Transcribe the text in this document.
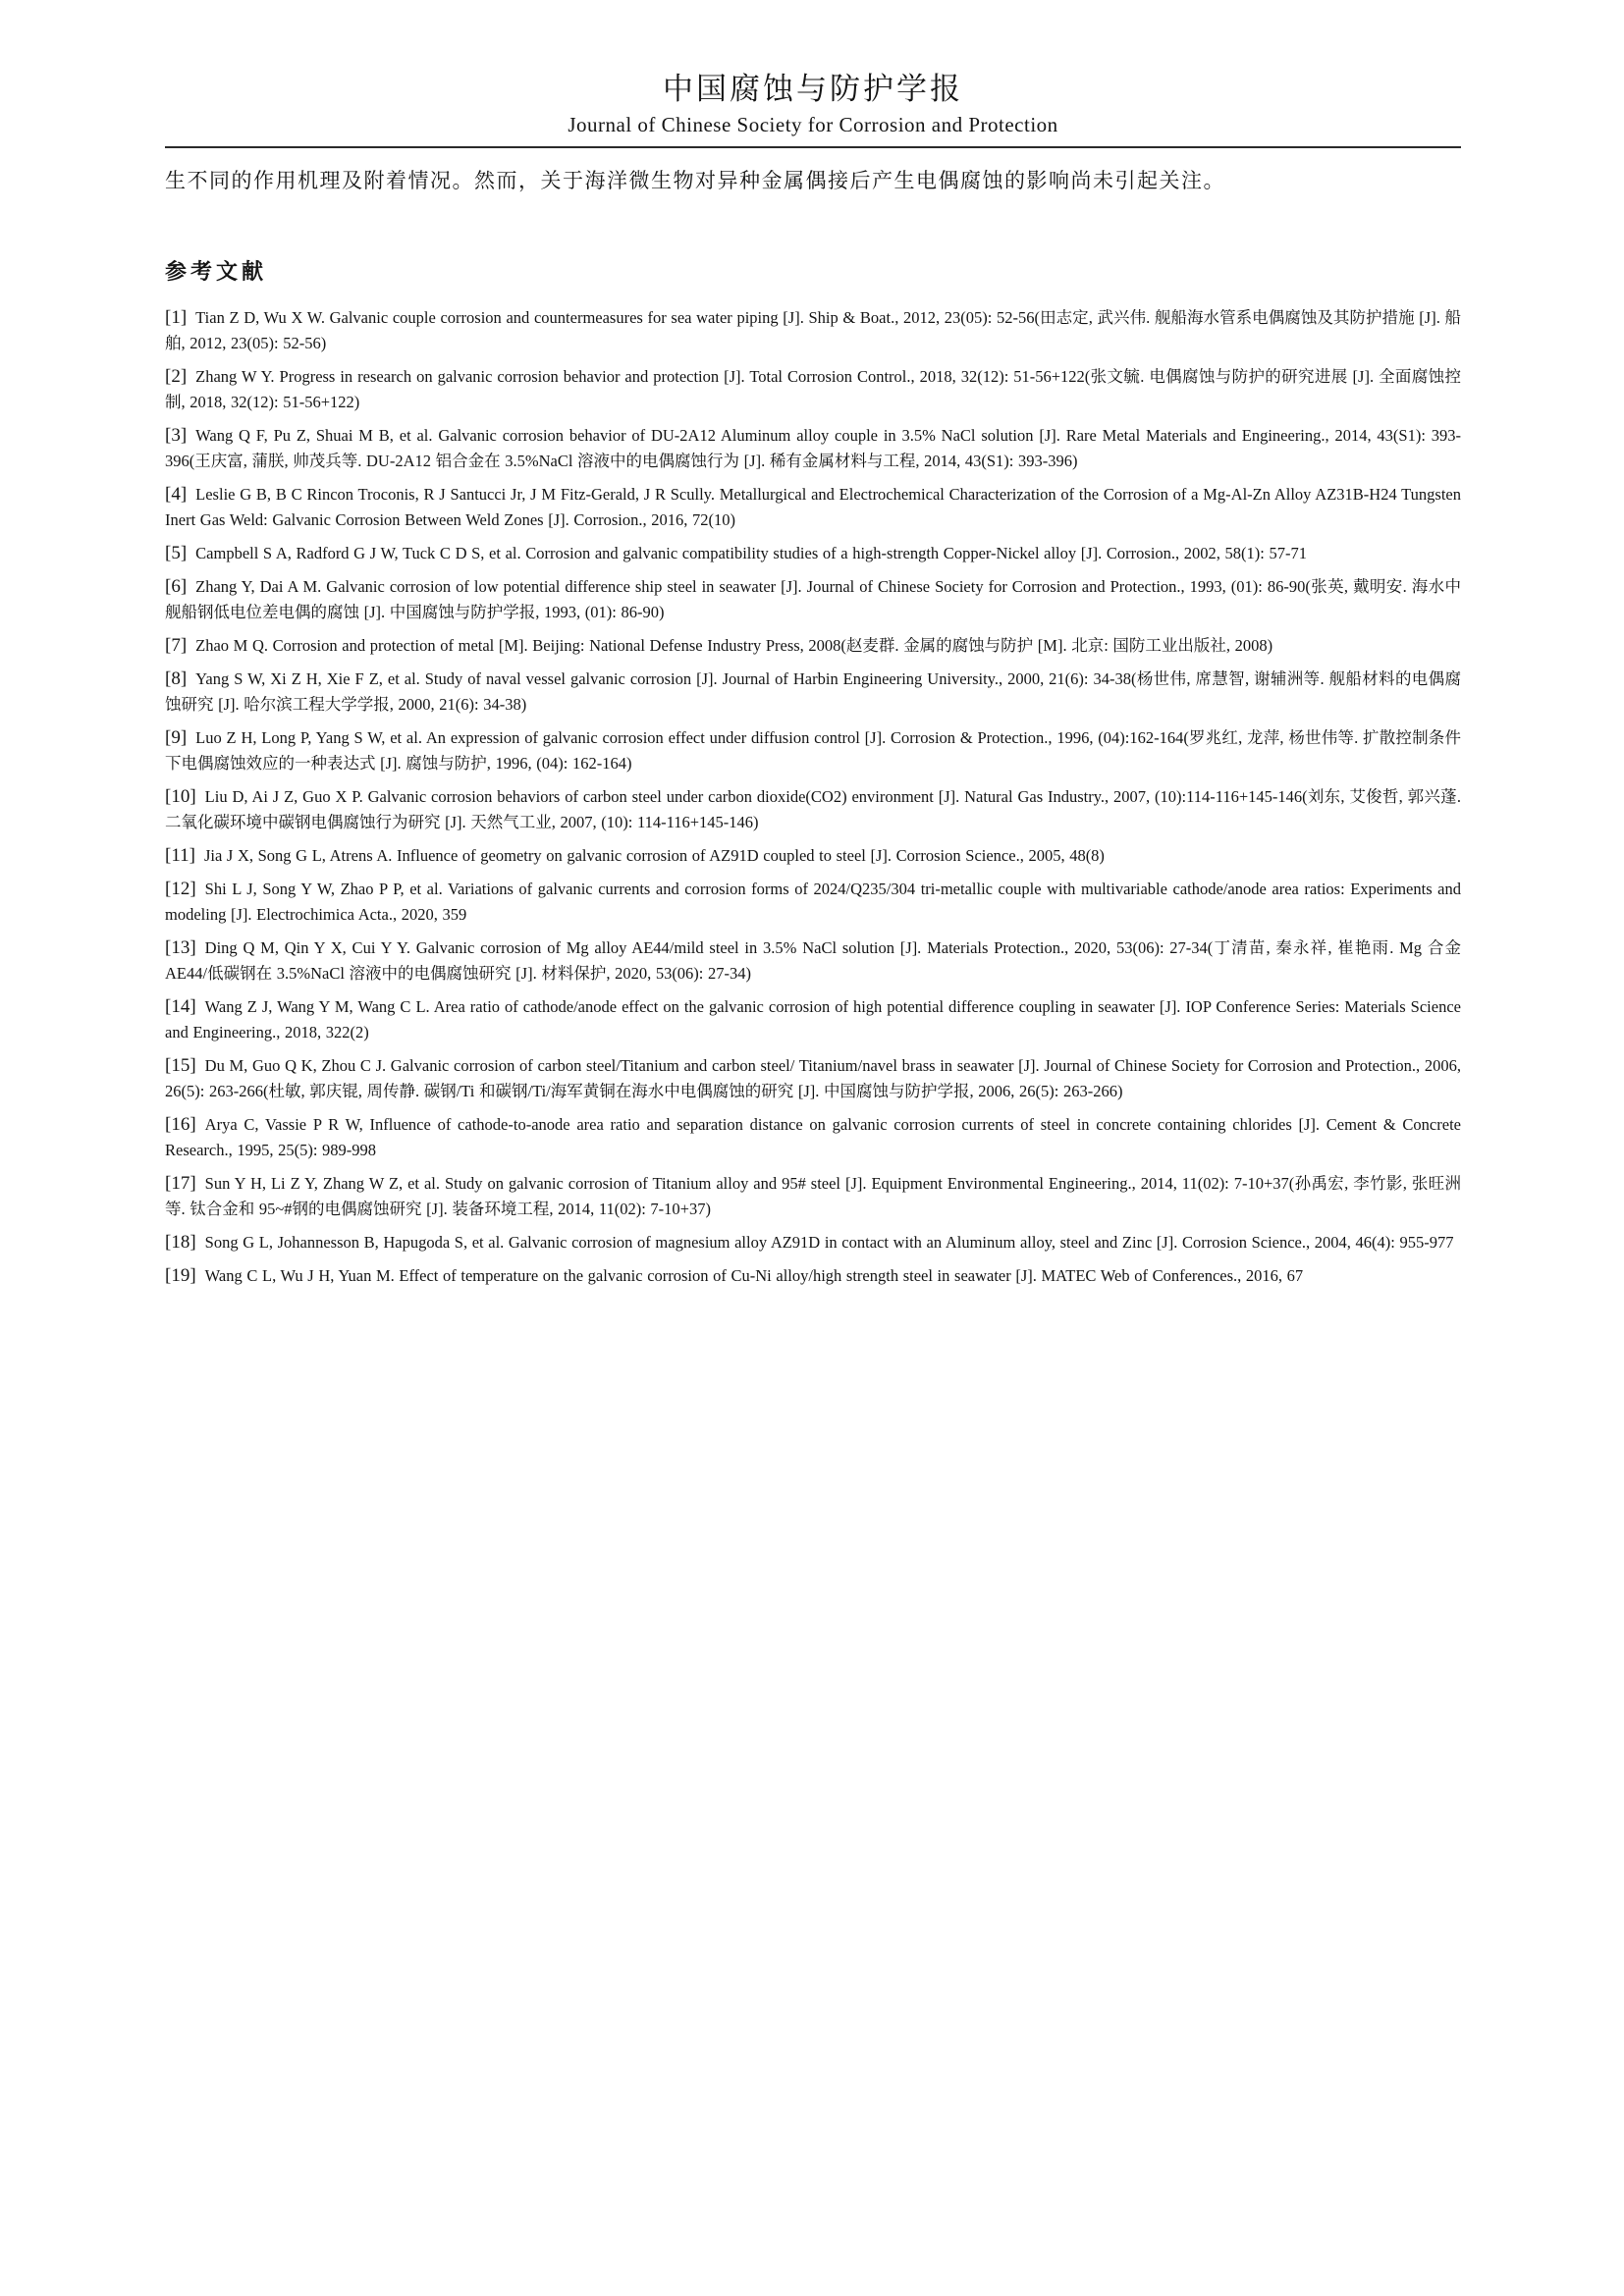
中国腐蚀与防护学报
Journal of Chinese Society for Corrosion and Protection

生不同的作用机理及附着情况。然而，关于海洋微生物对异种金属偶接后产生电偶腐蚀的影响尚未引起关注。

参考文献
[1] Tian Z D, Wu X W. Galvanic couple corrosion and countermeasures for sea water piping [J]. Ship & Boat., 2012, 23(05): 52-56(田志定, 武兴伟. 舰船海水管系电偶腐蚀及其防护措施 [J]. 船舶, 2012, 23(05): 52-56)
[2] Zhang W Y. Progress in research on galvanic corrosion behavior and protection [J]. Total Corrosion Control., 2018, 32(12): 51-56+122(张文毓. 电偶腐蚀与防护的研究进展 [J]. 全面腐蚀控制, 2018, 32(12): 51-56+122)
[3] Wang Q F, Pu Z, Shuai M B, et al. Galvanic corrosion behavior of DU-2A12 Aluminum alloy couple in 3.5% NaCl solution [J]. Rare Metal Materials and Engineering., 2014, 43(S1): 393-396(王庆富, 蒲朕, 帅茂兵等. DU-2A12 铝合金在 3.5%NaCl 溶液中的电偶腐蚀行为 [J]. 稀有金属材料与工程, 2014, 43(S1): 393-396)
[4] Leslie G B, B C Rincon Troconis, R J Santucci Jr, J M Fitz-Gerald, J R Scully. Metallurgical and Electrochemical Characterization of the Corrosion of a Mg-Al-Zn Alloy AZ31B-H24 Tungsten Inert Gas Weld: Galvanic Corrosion Between Weld Zones [J]. Corrosion., 2016, 72(10)
[5] Campbell S A, Radford G J W, Tuck C D S, et al. Corrosion and galvanic compatibility studies of a high-strength Copper-Nickel alloy [J]. Corrosion., 2002, 58(1): 57-71
[6] Zhang Y, Dai A M. Galvanic corrosion of low potential difference ship steel in seawater [J]. Journal of Chinese Society for Corrosion and Protection., 1993, (01): 86-90(张英, 戴明安. 海水中舰船钢低电位差电偶的腐蚀 [J]. 中国腐蚀与防护学报, 1993, (01): 86-90)
[7] Zhao M Q. Corrosion and protection of metal [M]. Beijing: National Defense Industry Press, 2008(赵麦群. 金属的腐蚀与防护 [M]. 北京: 国防工业出版社, 2008)
[8] Yang S W, Xi Z H, Xie F Z, et al. Study of naval vessel galvanic corrosion [J]. Journal of Harbin Engineering University., 2000, 21(6): 34-38(杨世伟, 席慧智, 谢辅洲等. 舰船材料的电偶腐蚀研究 [J]. 哈尔滨工程大学学报, 2000, 21(6): 34-38)
[9] Luo Z H, Long P, Yang S W, et al. An expression of galvanic corrosion effect under diffusion control [J]. Corrosion & Protection., 1996, (04):162-164(罗兆红, 龙萍, 杨世伟等. 扩散控制条件下电偶腐蚀效应的一种表达式 [J]. 腐蚀与防护, 1996, (04): 162-164)
[10] Liu D, Ai J Z, Guo X P. Galvanic corrosion behaviors of carbon steel under carbon dioxide(CO2) environment [J]. Natural Gas Industry., 2007, (10):114-116+145-146(刘东, 艾俊哲, 郭兴蓬. 二氧化碳环境中碳钢电偶腐蚀行为研究 [J]. 天然气工业, 2007, (10): 114-116+145-146)
[11] Jia J X, Song G L, Atrens A. Influence of geometry on galvanic corrosion of AZ91D coupled to steel [J]. Corrosion Science., 2005, 48(8)
[12] Shi L J, Song Y W, Zhao P P, et al. Variations of galvanic currents and corrosion forms of 2024/Q235/304 tri-metallic couple with multivariable cathode/anode area ratios: Experiments and modeling [J]. Electrochimica Acta., 2020, 359
[13] Ding Q M, Qin Y X, Cui Y Y. Galvanic corrosion of Mg alloy AE44/mild steel in 3.5% NaCl solution [J]. Materials Protection., 2020, 53(06): 27-34(丁清苗, 秦永祥, 崔艳雨. Mg 合金 AE44/低碳钢在 3.5%NaCl 溶液中的电偶腐蚀研究 [J]. 材料保护, 2020, 53(06): 27-34)
[14] Wang Z J, Wang Y M, Wang C L. Area ratio of cathode/anode effect on the galvanic corrosion of high potential difference coupling in seawater [J]. IOP Conference Series: Materials Science and Engineering., 2018, 322(2)
[15] Du M, Guo Q K, Zhou C J. Galvanic corrosion of carbon steel/Titanium and carbon steel/ Titanium/navel brass in seawater [J]. Journal of Chinese Society for Corrosion and Protection., 2006, 26(5): 263-266(杜敏, 郭庆锟, 周传静. 碳钢/Ti 和碳钢/Ti/海军黄铜在海水中电偶腐蚀的研究 [J]. 中国腐蚀与防护学报, 2006, 26(5): 263-266)
[16] Arya C, Vassie P R W, Influence of cathode-to-anode area ratio and separation distance on galvanic corrosion currents of steel in concrete containing chlorides [J]. Cement & Concrete Research., 1995, 25(5): 989-998
[17] Sun Y H, Li Z Y, Zhang W Z, et al. Study on galvanic corrosion of Titanium alloy and 95# steel [J]. Equipment Environmental Engineering., 2014, 11(02): 7-10+37(孙禹宏, 李竹影, 张旺洲等. 钛合金和 95~#钢的电偶腐蚀研究 [J]. 装备环境工程, 2014, 11(02): 7-10+37)
[18] Song G L, Johannesson B, Hapugoda S, et al. Galvanic corrosion of magnesium alloy AZ91D in contact with an Aluminum alloy, steel and Zinc [J]. Corrosion Science., 2004, 46(4): 955-977
[19] Wang C L, Wu J H, Yuan M. Effect of temperature on the galvanic corrosion of Cu-Ni alloy/high strength steel in seawater [J]. MATEC Web of Conferences., 2016, 67
